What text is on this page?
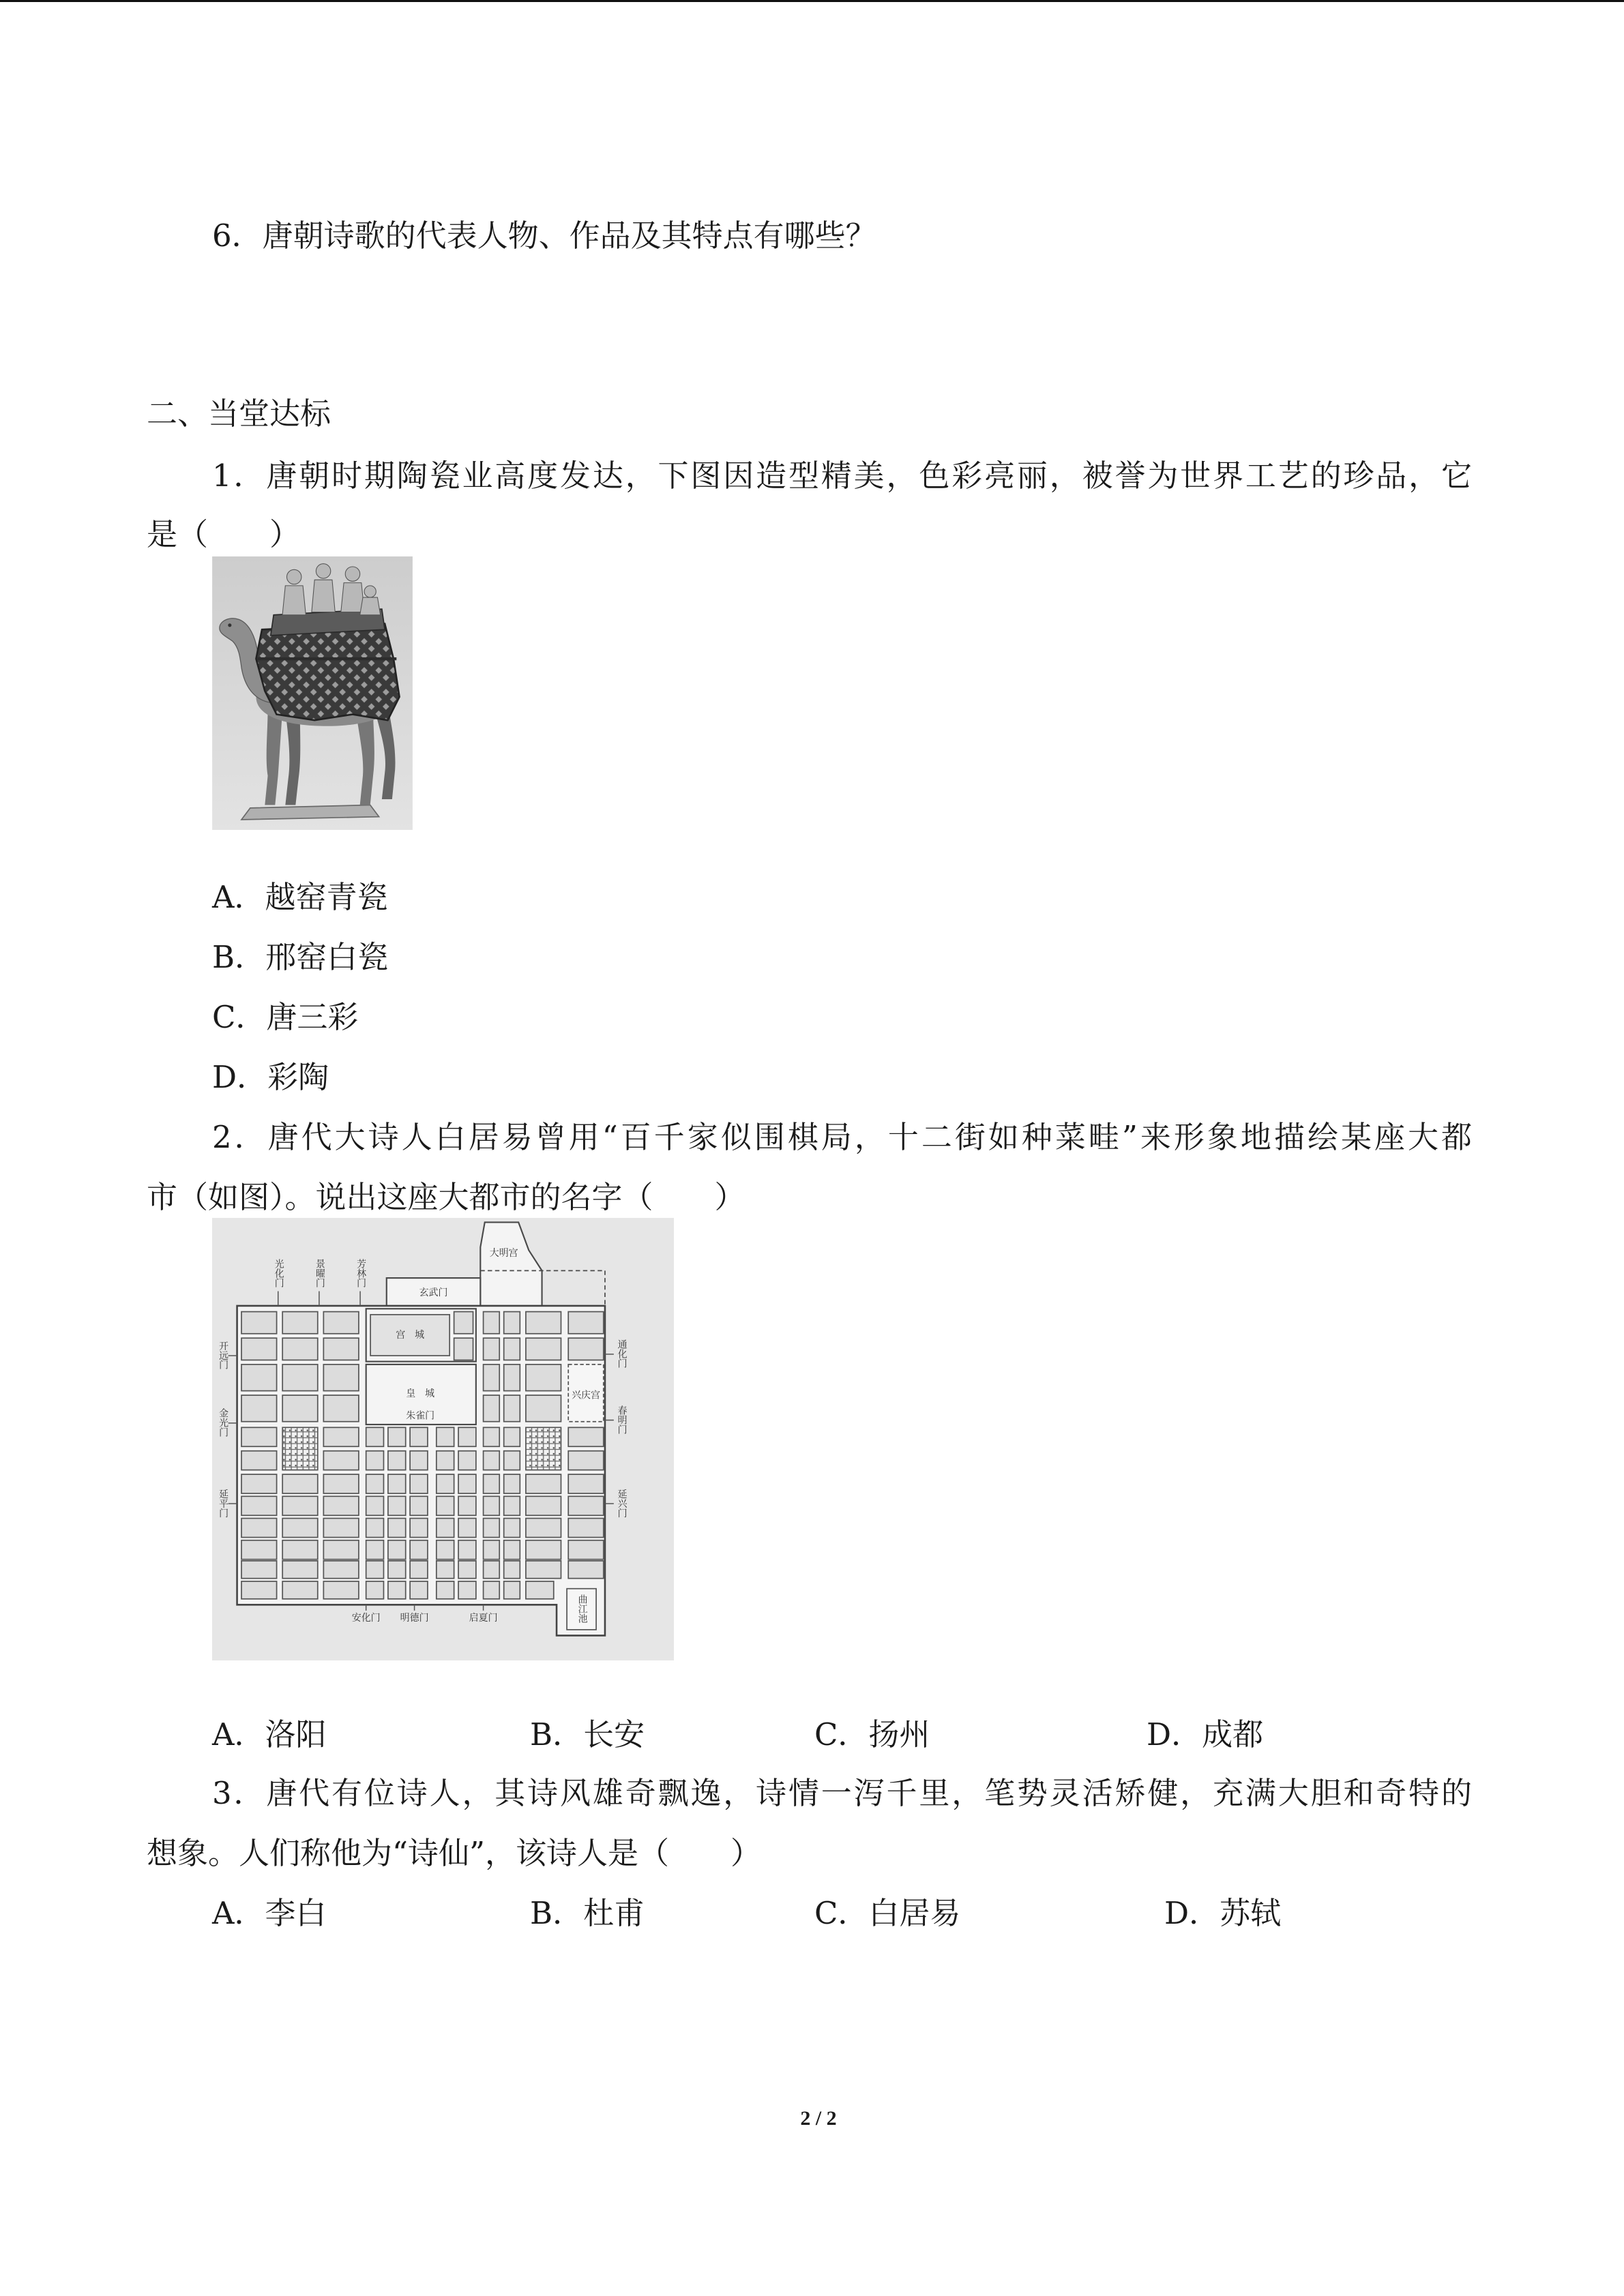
6．唐朝诗歌的代表人物、作品及其特点有哪些？
二、当堂达标
1．唐朝时期陶瓷业高度发达，下图因造型精美，色彩亮丽，被誉为世界工艺的珍品，它
是（　　）
A．越窑青瓷
B．邢窑白瓷
C．唐三彩
D．彩陶
2．唐代大诗人白居易曾用“百千家似围棋局，十二街如种菜畦”来形象地描绘某座大都
市（如图）。说出这座大都市的名字（　　）
大明宫
玄武门
宫　城
皇　城
朱雀门
兴庆宫
光化门	景曜门	芳林门
开远门
金光门
延平门
通化门
春明门
延兴门
安化门	明德门	启夏门	曲江池
A．洛阳	B．长安	C．扬州	D．成都
3．唐代有位诗人，其诗风雄奇飘逸，诗情一泻千里，笔势灵活矫健，充满大胆和奇特的
想象。人们称他为“诗仙”，该诗人是（　　）
A．李白	B．杜甫	C．白居易	D．苏轼
2 / 2
